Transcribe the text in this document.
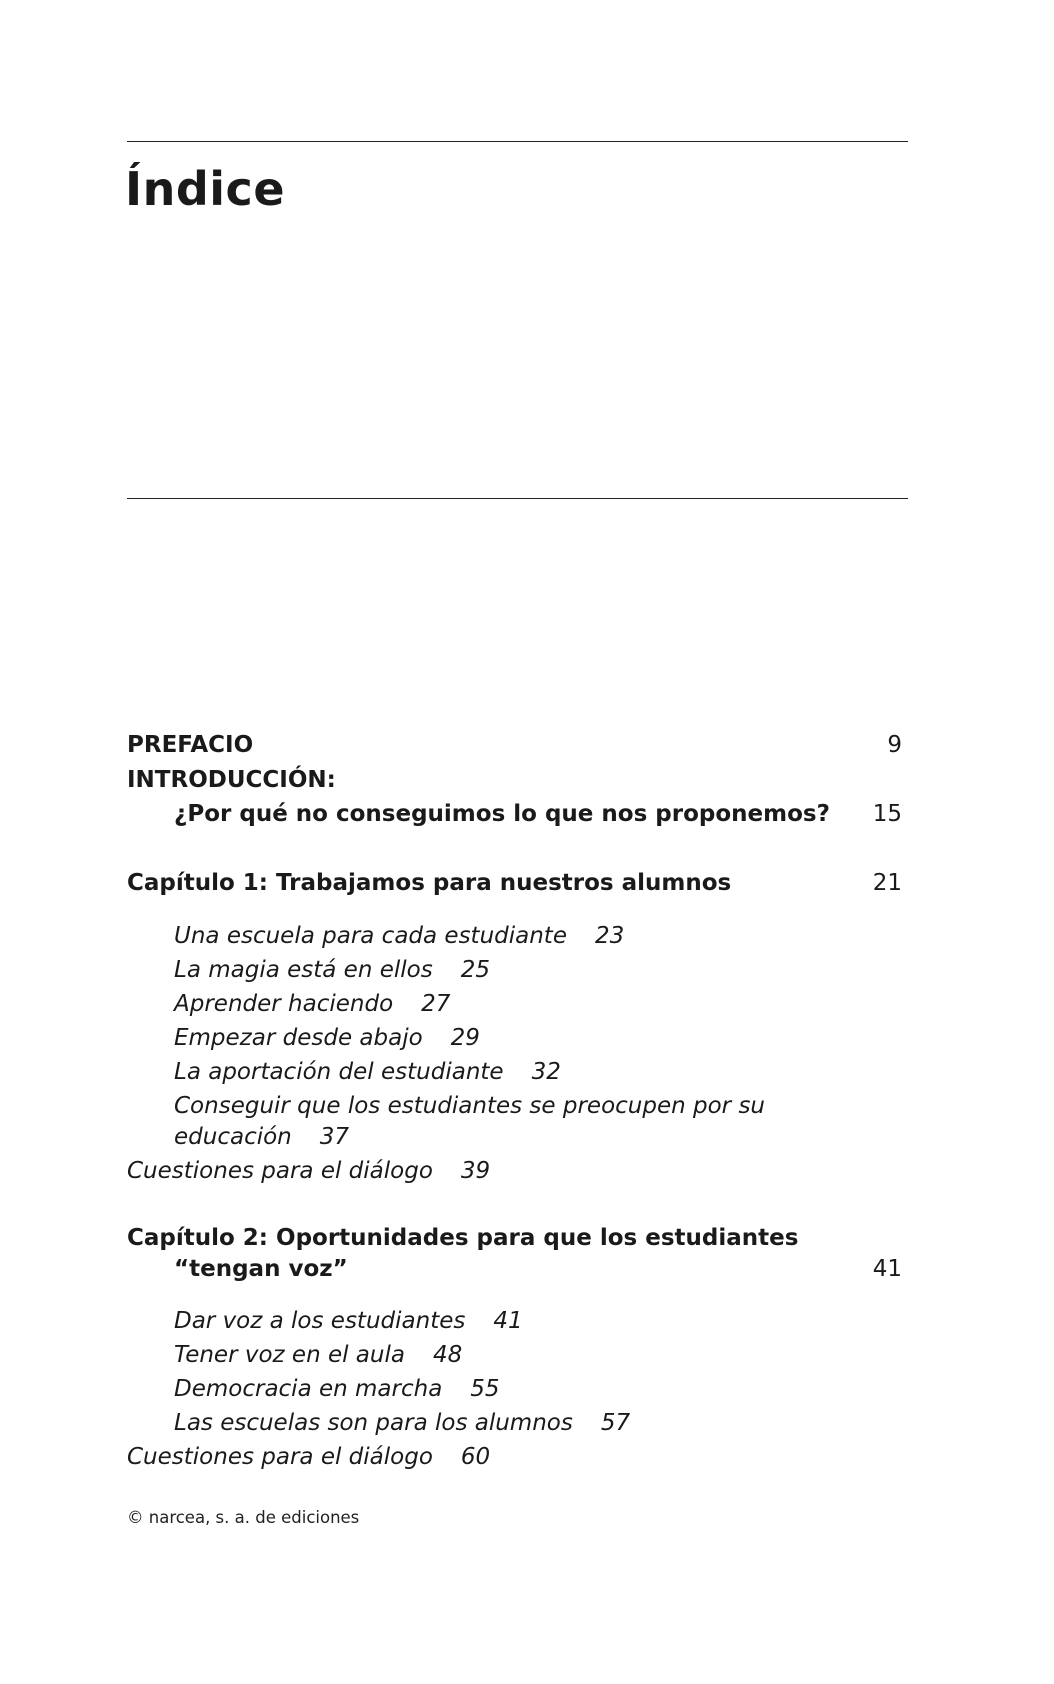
Índice
PREFACIO	9
INTRODUCCIÓN:
¿Por qué no conseguimos lo que nos proponemos? 15
Capítulo 1: Trabajamos para nuestros alumnos	21
Una escuela para cada estudiante 23
La magia está en ellos 25
Aprender haciendo 27
Empezar desde abajo 29
La aportación del estudiante 32
Conseguir que los estudiantes se preocupen por su
educación 37
Cuestiones para el diálogo 39
Capítulo 2: Oportunidades para que los estudiantes
“tengan voz”	41
Dar voz a los estudiantes 41
Tener voz en el aula 48
Democracia en marcha 55
Las escuelas son para los alumnos 57
Cuestiones para el diálogo 60
© narcea, s. a. de ediciones
